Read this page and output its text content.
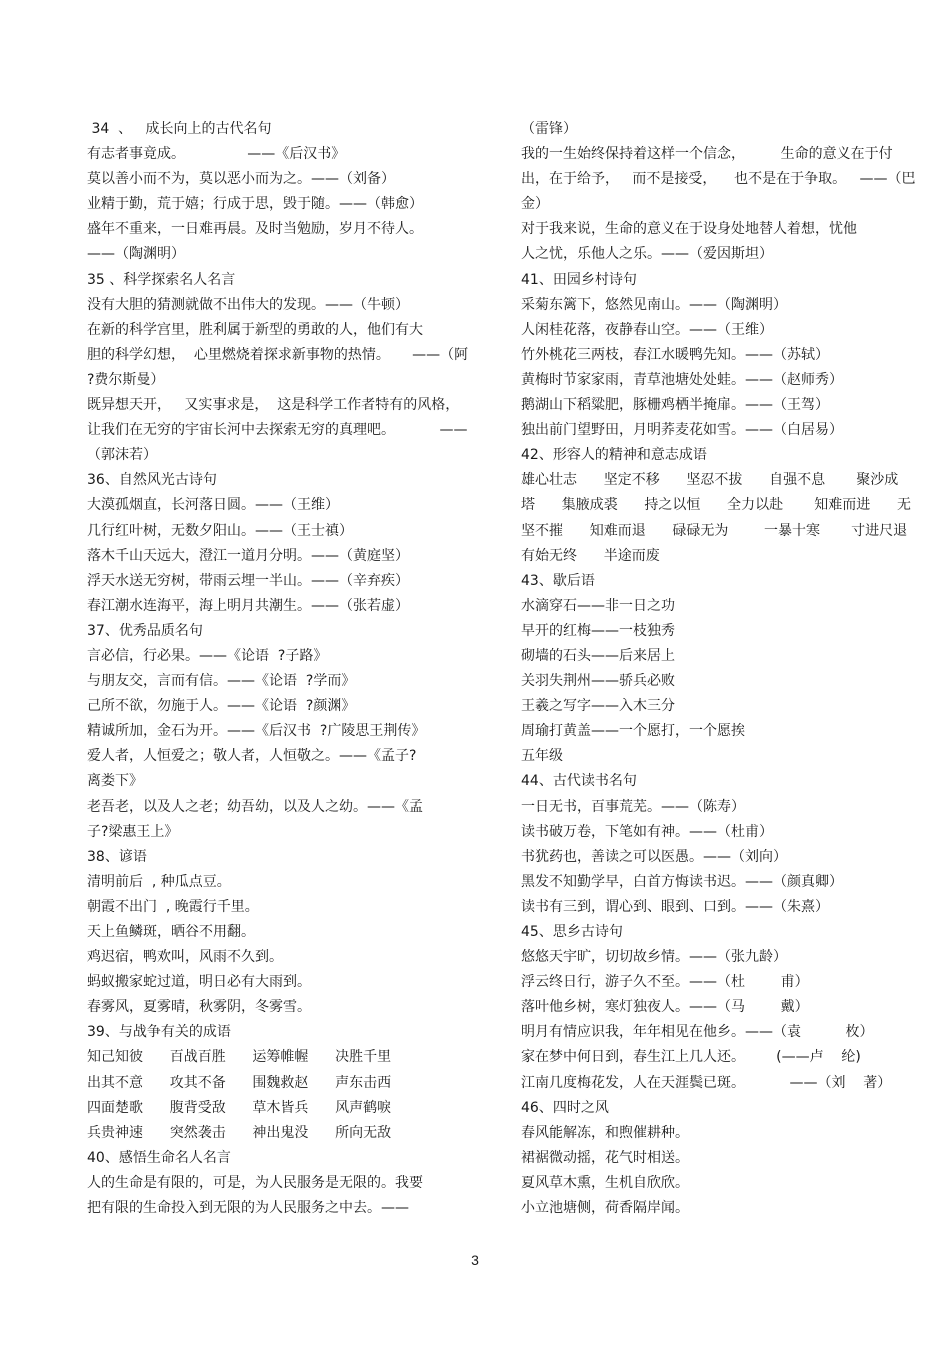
34  、   成长向上的古代名句
有志者事竟成。              ——《后汉书》
莫以善小而不为，莫以恶小而为之。——（刘备）
业精于勤，荒于嬉；行成于思，毁于随。——（韩愈）
盛年不重来，一日难再晨。及时当勉励，岁月不待人。
——（陶渊明）
35 、科学探索名人名言
没有大胆的猜测就做不出伟大的发现。——（牛顿）
在新的科学宫里，胜利属于新型的勇敢的人，他们有大
胆的科学幻想，  心里燃烧着探求新事物的热情。     ——（阿
?费尔斯曼）
既异想天开，   又实事求是，  这是科学工作者特有的风格，
让我们在无穷的宇宙长河中去探索无穷的真理吧。          ——
（郭沫若）
36、自然风光古诗句
大漠孤烟直，长河落日圆。——（王维）
几行红叶树，无数夕阳山。——（王士禛）
落木千山天远大，澄江一道月分明。——（黄庭坚）
浮天水送无穷树，带雨云埋一半山。——（辛弃疾）
春江潮水连海平，海上明月共潮生。——（张若虚）
37、优秀品质名句
言必信，行必果。——《论语  ?子路》
与朋友交，言而有信。——《论语  ?学而》
己所不欲，勿施于人。——《论语  ?颜渊》
精诚所加，金石为开。——《后汉书  ?广陵思王荆传》
爱人者，人恒爱之；敬人者，人恒敬之。——《孟子?
离娄下》
老吾老，以及人之老；幼吾幼，以及人之幼。——《孟
子?梁惠王上》
38、谚语
清明前后  , 种瓜点豆。
朝霞不出门  , 晚霞行千里。
天上鱼鳞斑，晒谷不用翻。
鸡迟宿，鸭欢叫，风雨不久到。
蚂蚁搬家蛇过道，明日必有大雨到。
春雾风，夏雾晴，秋雾阴，冬雾雪。
39、与战争有关的成语
知己知彼      百战百胜      运筹帷幄      决胜千里
出其不意      攻其不备      围魏救赵      声东击西
四面楚歌      腹背受敌      草木皆兵      风声鹤唳
兵贵神速      突然袭击      神出鬼没      所向无敌
40、感悟生命名人名言
人的生命是有限的，可是，为人民服务是无限的。我要
把有限的生命投入到无限的为人民服务之中去。——
（雷锋）
我的一生始终保持着这样一个信念，        生命的意义在于付
出，在于给予，   而不是接受，    也不是在于争取。   ——（巴
金）
对于我来说，生命的意义在于设身处地替人着想，忧他
人之忧，乐他人之乐。——（爱因斯坦）
41、田园乡村诗句
采菊东篱下，悠然见南山。——（陶渊明）
人闲桂花落，夜静春山空。——（王维）
竹外桃花三两枝，春江水暖鸭先知。——（苏轼）
黄梅时节家家雨，青草池塘处处蛙。——（赵师秀）
鹅湖山下稻粱肥，豚栅鸡栖半掩扉。——（王驾）
独出前门望野田，月明荞麦花如雪。——（白居易）
42、形容人的精神和意志成语
雄心壮志      坚定不移      坚忍不拔      自强不息       聚沙成
塔      集腋成裘      持之以恒      全力以赴       知难而进      无
坚不摧      知难而退      碌碌无为        一暴十寒       寸进尺退
有始无终      半途而废
43、歇后语
水滴穿石——非一日之功
早开的红梅——一枝独秀
砌墙的石头——后来居上
关羽失荆州——骄兵必败
王羲之写字——入木三分
周瑜打黄盖——一个愿打，一个愿挨
五年级
44、古代读书名句
一日无书，百事荒芜。——（陈寿）
读书破万卷，下笔如有神。——（杜甫）
书犹药也，善读之可以医愚。——（刘向）
黑发不知勤学早，白首方悔读书迟。——（颜真卿）
读书有三到，谓心到、眼到、口到。——（朱熹）
45、思乡古诗句
悠悠天宇旷，切切故乡情。——（张九龄）
浮云终日行，游子久不至。——（杜        甫）
落叶他乡树，寒灯独夜人。——（马        戴）
明月有情应识我，年年相见在他乡。——（袁          枚）
家在梦中何日到，春生江上几人还。       (——卢    纶)
江南几度梅花发，人在天涯鬓已斑。          ——（刘    著）
46、四时之风
春风能解冻，和煦催耕种。
裙裾微动摇，花气时相送。
夏风草木熏，生机自欣欣。
小立池塘侧，荷香隔岸闻。
3
